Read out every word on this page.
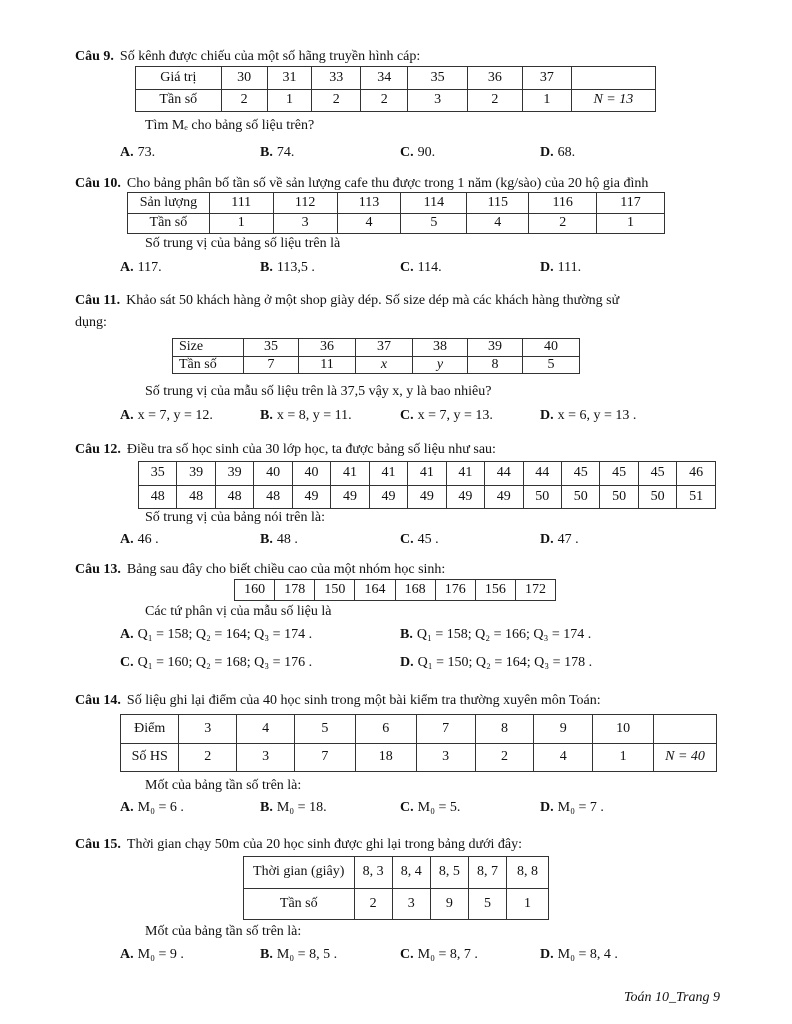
Câu 9. Số kênh được chiếu của một số hãng truyền hình cáp:
Giá trị	30	31	33	34	35	36	37	
Tần số	2	1	2	2	3	2	1	N = 13
Tìm Mₑ cho bảng số liệu trên?
Câu 10. Cho bảng phân bố tần số về sản lượng cafe thu được trong 1 năm (kg/sào) của 20 hộ gia đình
Sản lượng	111	112	113	114	115	116	117
Tần số	1	3	4	5	4	2	1
Số trung vị của bảng số liệu trên là
Câu 11. Khảo sát 50 khách hàng ở một shop giày dép. Số size dép mà các khách hàng thường sử
dụng:
Size	35	36	37	38	39	40
Tần số	7	11	x	y	8	5
Số trung vị của mẫu số liệu trên là 37,5 vậy x, y là bao nhiêu?
Câu 12. Điều tra số học sinh của 30 lớp học, ta được bảng số liệu như sau:
35	39	39	40	40	41	41	41	41	44	44	45	45	45	46
48	48	48	48	49	49	49	49	49	49	50	50	50	50	51
Số trung vị của bảng nói trên là:
Câu 13. Bảng sau đây cho biết chiều cao của một nhóm học sinh:
160	178	150	164	168	176	156	172
Các tứ phân vị của mẫu số liệu là
Câu 14. Số liệu ghi lại điểm của 40 học sinh trong một bài kiểm tra thường xuyên môn Toán:
Điểm	3	4	5	6	7	8	9	10	
Số HS	2	3	7	18	3	2	4	1	N = 40
Mốt của bảng tần số trên là:
Câu 15. Thời gian chạy 50m của 20 học sinh được ghi lại trong bảng dưới đây:
Thời gian (giây)	8, 3	8, 4	8, 5	8, 7	8, 8
Tần số	2	3	9	5	1
Mốt của bảng tần số trên là:
Toán 10_Trang 9
A. 73.	B. 74.	C. 90.	D. 68.
A. 117.	B. 113,5 .	C. 114.	D. 111.
A. x = 7, y = 12.	B. x = 8, y = 11.	C. x = 7, y = 13.	D. x = 6, y = 13 .
A. 46 .	B. 48 .	C. 45 .	D. 47 .
A. Q₁ = 158; Q₂ = 164; Q₃ = 174 .	B. Q₁ = 158; Q₂ = 166; Q₃ = 174 .
C. Q₁ = 160; Q₂ = 168; Q₃ = 176 .	D. Q₁ = 150; Q₂ = 164; Q₃ = 178 .
A. M₀ = 6 .	B. M₀ = 18.	C. M₀ = 5.	D. M₀ = 7 .
A. M₀ = 9 .	B. M₀ = 8, 5 .	C. M₀ = 8, 7 .	D. M₀ = 8, 4 .
